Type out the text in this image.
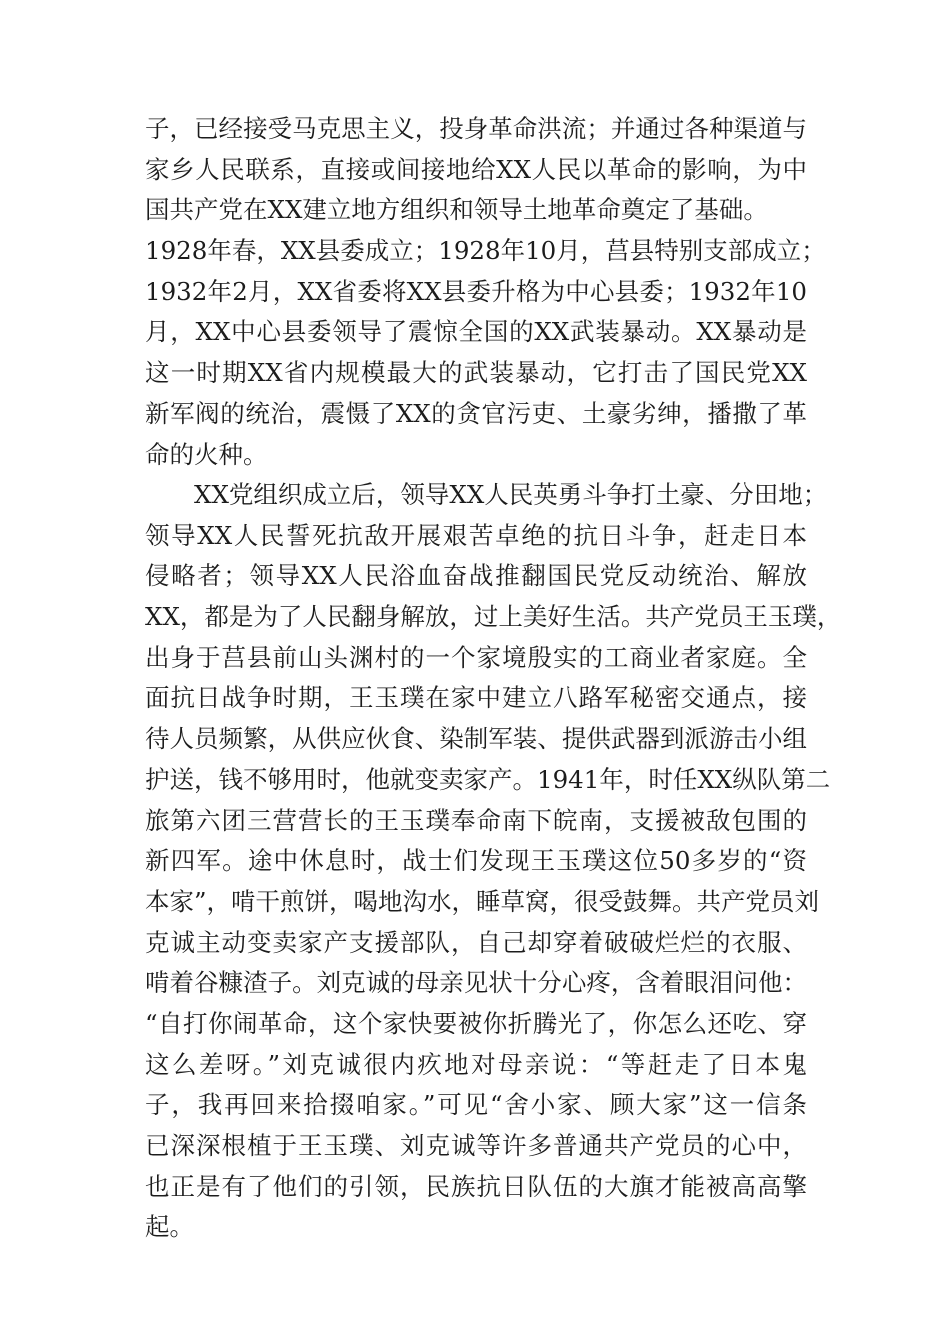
子，已经接受马克思主义，投身革命洪流；并通过各种渠道与
家乡人民联系，直接或间接地给XX人民以革命的影响，为中
国共产党在XX建立地方组织和领导土地革命奠定了基础。
1928年春，XX县委成立；1928年10月，莒县特别支部成立；
1932年2月，XX省委将XX县委升格为中心县委；1932年10
月，XX中心县委领导了震惊全国的XX武装暴动。XX暴动是
这一时期XX省内规模最大的武装暴动，它打击了国民党XX
新军阀的统治，震慑了XX的贪官污吏、土豪劣绅，播撒了革
命的火种。
XX党组织成立后，领导XX人民英勇斗争打土豪、分田地；
领导XX人民誓死抗敌开展艰苦卓绝的抗日斗争，赶走日本
侵略者；领导XX人民浴血奋战推翻国民党反动统治、解放
XX，都是为了人民翻身解放，过上美好生活。共产党员王玉璞，
出身于莒县前山头渊村的一个家境殷实的工商业者家庭。全
面抗日战争时期，王玉璞在家中建立八路军秘密交通点，接
待人员频繁，从供应伙食、染制军装、提供武器到派游击小组
护送，钱不够用时，他就变卖家产。1941年，时任XX纵队第二
旅第六团三营营长的王玉璞奉命南下皖南，支援被敌包围的
新四军。途中休息时，战士们发现王玉璞这位50多岁的“资
本家”，啃干煎饼，喝地沟水，睡草窝，很受鼓舞。共产党员刘
克诚主动变卖家产支援部队，自己却穿着破破烂烂的衣服、
啃着谷糠渣子。刘克诚的母亲见状十分心疼，含着眼泪问他：
“自打你闹革命，这个家快要被你折腾光了，你怎么还吃、穿
这么差呀。”刘克诚很内疚地对母亲说：“等赶走了日本鬼
子，我再回来拾掇咱家。”可见“舍小家、顾大家”这一信条
已深深根植于王玉璞、刘克诚等许多普通共产党员的心中，
也正是有了他们的引领，民族抗日队伍的大旗才能被高高擎
起。
